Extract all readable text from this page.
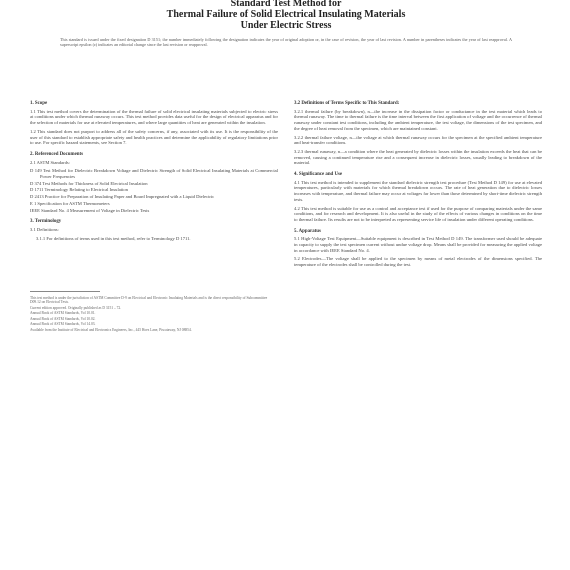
Standard Test Method for
Thermal Failure of Solid Electrical Insulating Materials
Under Electric Stress
This standard is issued under the fixed designation D 3151; the number immediately following the designation indicates the year of original adoption or, in the case of revision, the year of last revision. A number in parentheses indicates the year of last reapproval. A superscript epsilon (ε) indicates an editorial change since the last revision or reapproval.
1. Scope

1.1 This test method covers the determination of the thermal failure of solid electrical insulating materials subjected to electric stress at conditions under which thermal runaway occurs. This test method provides data useful for the design of electrical apparatus and for the selection of materials for use at elevated temperatures, and where large quantities of heat are generated within the insulation.

1.2 This standard does not purport to address all of the safety concerns, if any, associated with its use. It is the responsibility of the user of this standard to establish appropriate safety and health practices and determine the applicability of regulatory limitations prior to use. For specific hazard statements, see Section 7.

2. Referenced Documents

2.1 ASTM Standards:

D 149 Test Method for Dielectric Breakdown Voltage and Dielectric Strength of Solid Electrical Insulating Materials at Commercial Power Frequencies

D 374 Test Methods for Thickness of Solid Electrical Insulation

D 1711 Terminology Relating to Electrical Insulation

D 2413 Practice for Preparation of Insulating Paper and Board Impregnated with a Liquid Dielectric

E 1 Specification for ASTM Thermometers

IEEE Standard No. 4 Measurement of Voltage in Dielectric Tests

3. Terminology

3.1 Definitions:

3.1.1 For definitions of terms used in this test method, refer to Terminology D 1711.

This test method is under the jurisdiction of ASTM Committee D-9 on Electrical and Electronic Insulating Materials and is the direct responsibility of Subcommittee D09.12 on Electrical Tests.

Current edition approved. Originally published as D 3151 – 72.

Annual Book of ASTM Standards, Vol 10.01.

Annual Book of ASTM Standards, Vol 10.02.

Annual Book of ASTM Standards, Vol 14.03.

Available from the Institute of Electrical and Electronics Engineers, Inc., 445 Hoes Lane, Piscataway, NJ 08854.

3.2 Definitions of Terms Specific to This Standard:

3.2.1 thermal failure (by breakdown), n—the increase in the dissipation factor or conductance in the test material which leads to thermal runaway. The time to thermal failure is the time interval between the first application of voltage and the occurrence of thermal runaway under constant test conditions, including the ambient temperature, the test voltage, the dimensions of the test specimen, and the degree of heat removal from the specimen, which are maintained constant.

3.2.2 thermal failure voltage, n—the voltage at which thermal runaway occurs for the specimen at the specified ambient temperature and heat-transfer conditions.

3.2.3 thermal runaway, n—a condition where the heat generated by dielectric losses within the insulation exceeds the heat that can be removed, causing a continued temperature rise and a consequent increase in dielectric losses, usually leading to breakdown of the material.

4. Significance and Use

4.1 This test method is intended to supplement the standard dielectric strength test procedure (Test Method D 149) for use at elevated temperatures, particularly with materials for which thermal breakdown occurs. The rate of heat generation due to dielectric losses increases with temperature, and thermal failure may occur at voltages far lower than those determined by short-time dielectric strength tests.

4.2 This test method is suitable for use as a control and acceptance test if used for the purpose of comparing materials under the same conditions, and for research and development. It is also useful in the study of the effects of various changes in conditions on the time to thermal failure. Its results are not to be interpreted as representing service life of insulation under different operating conditions.

5. Apparatus

5.1 High-Voltage Test Equipment—Suitable equipment is described in Test Method D 149. The transformer used should be adequate in capacity to supply the test specimen current without undue voltage drop. Means shall be provided for measuring the applied voltage in accordance with IEEE Standard No. 4.

5.2 Electrodes—The voltage shall be applied to the specimen by means of metal electrodes of the dimensions specified. The temperature of the electrodes shall be controlled during the test.
